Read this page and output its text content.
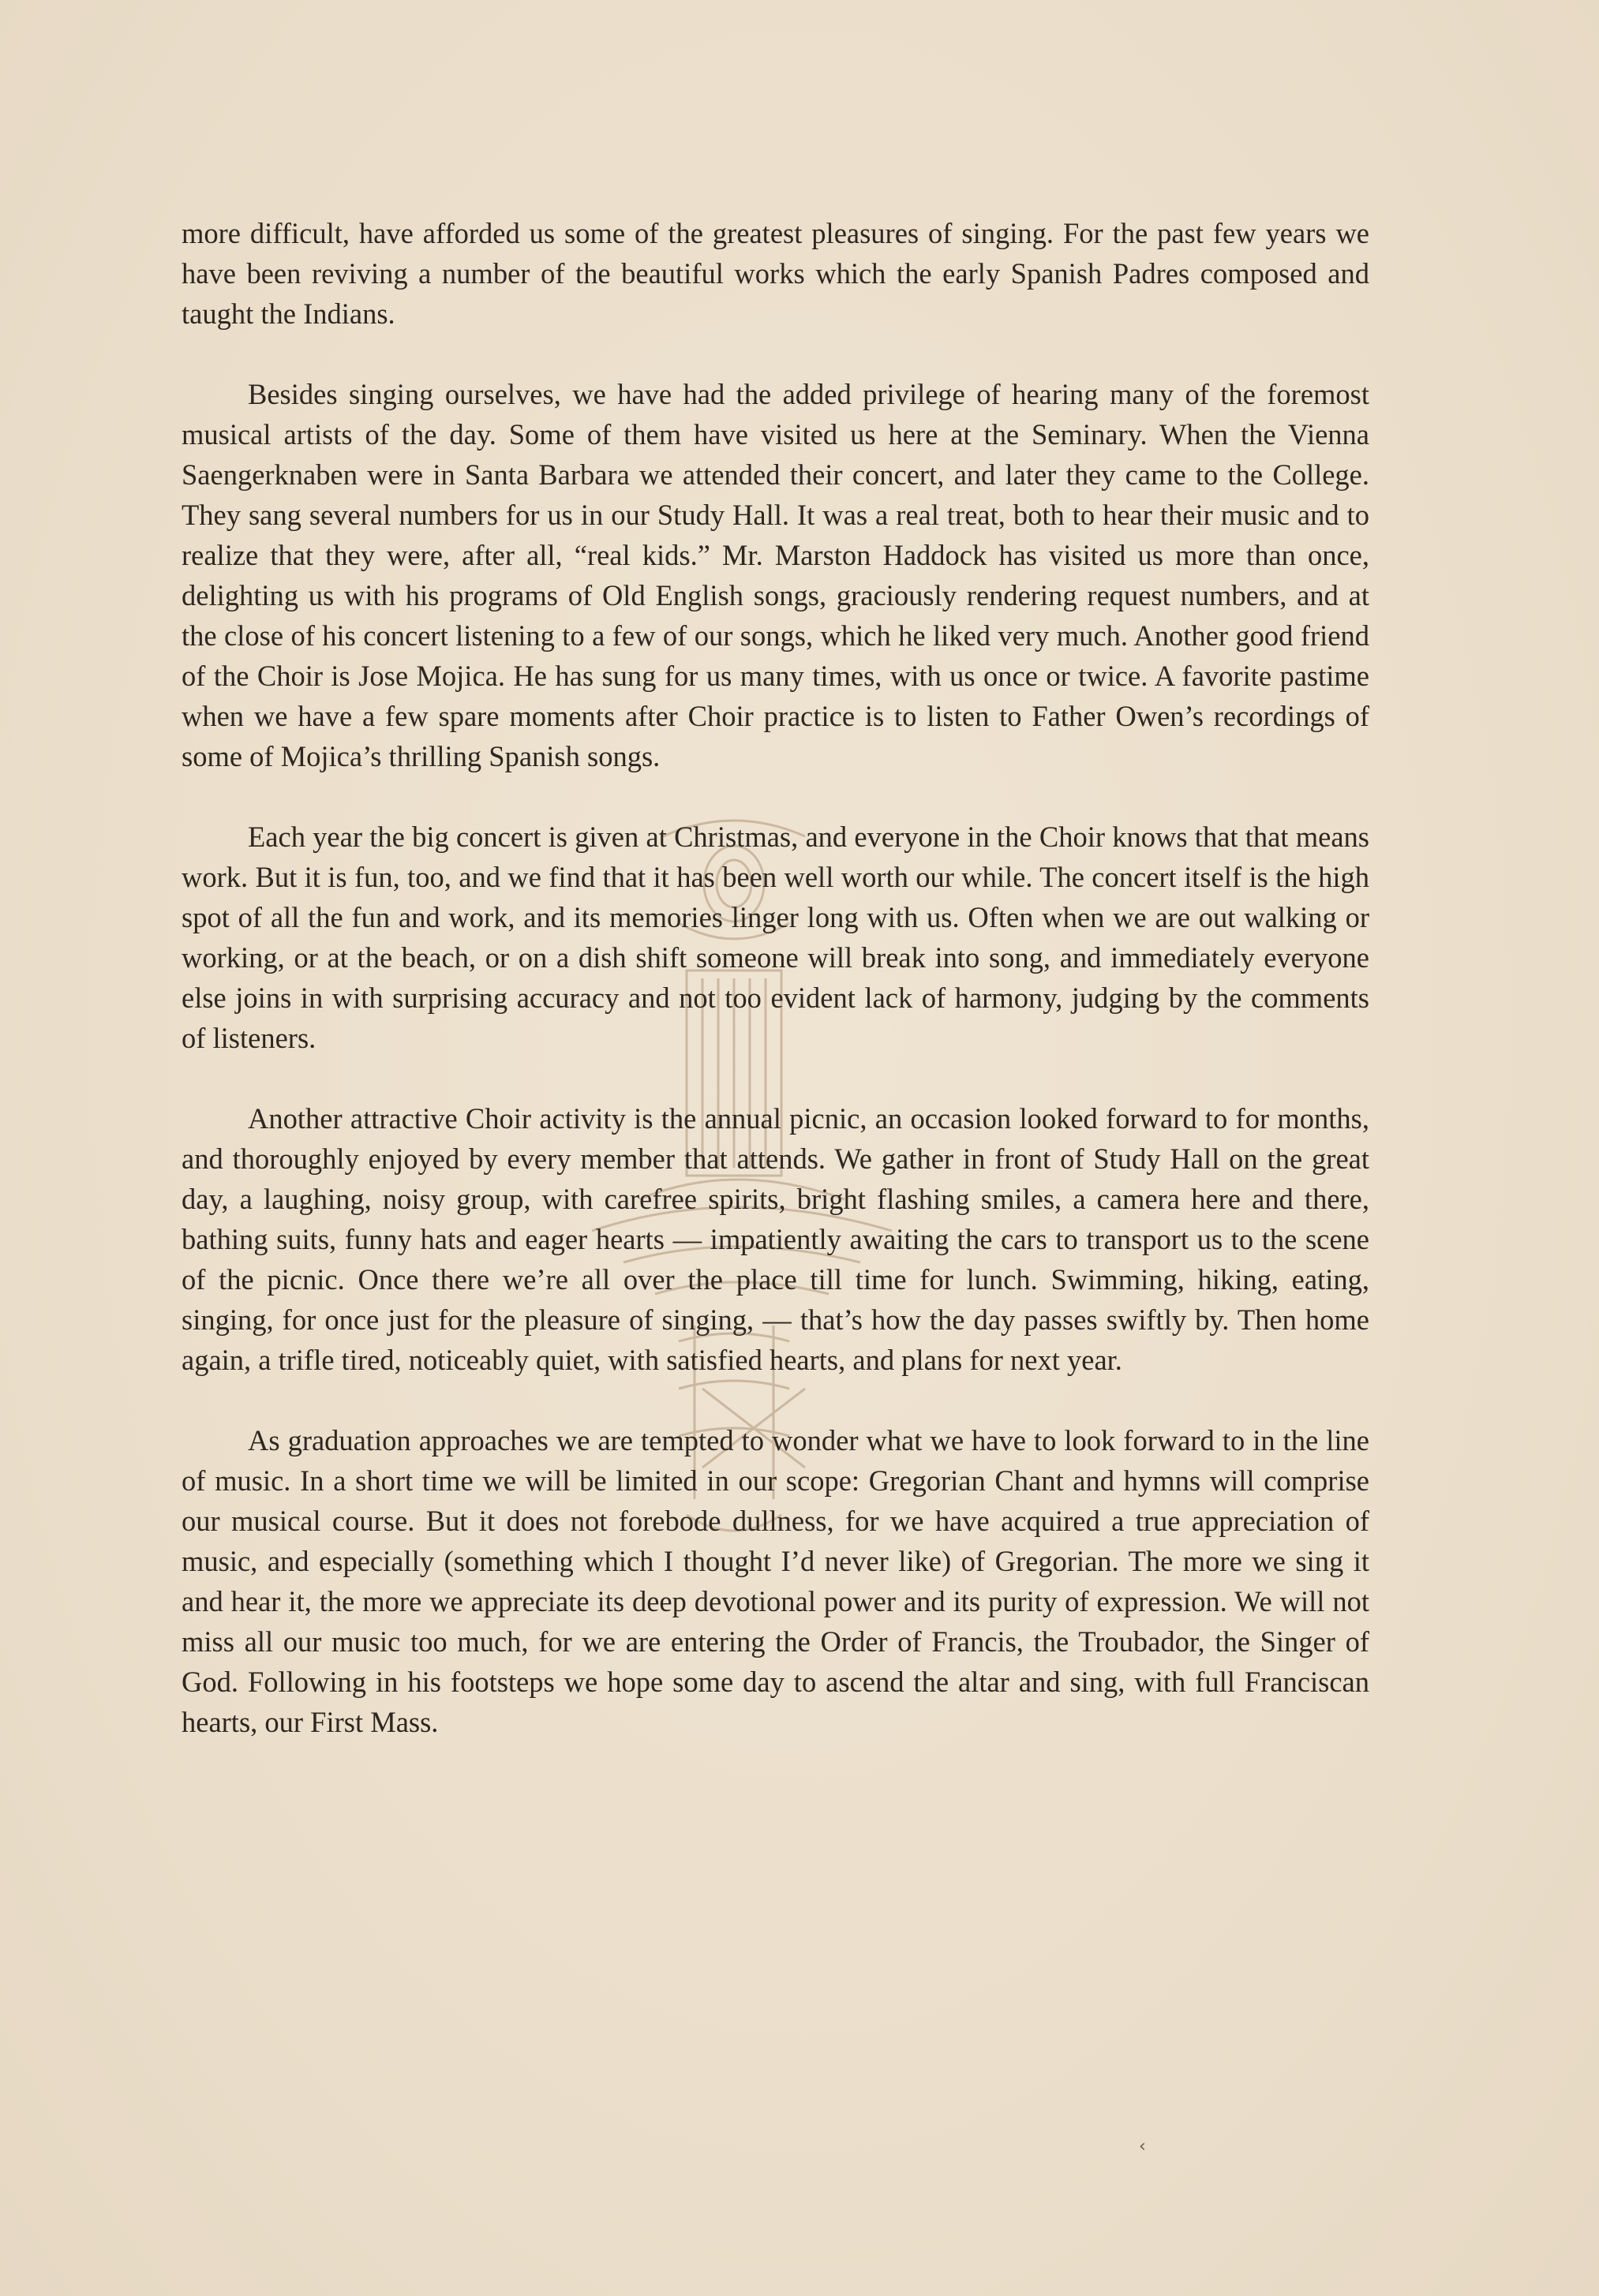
more difficult, have afforded us some of the greatest pleasures of singing. For the past few years we have been reviving a number of the beautiful works which the early Spanish Padres composed and taught the Indians.

Besides singing ourselves, we have had the added privilege of hearing many of the foremost musical artists of the day. Some of them have visited us here at the Seminary. When the Vienna Saengerknaben were in Santa Barbara we attended their concert, and later they came to the College. They sang several numbers for us in our Study Hall. It was a real treat, both to hear their music and to realize that they were, after all, “real kids.” Mr. Marston Haddock has visited us more than once, delighting us with his programs of Old English songs, graciously rendering request numbers, and at the close of his concert listening to a few of our songs, which he liked very much. Another good friend of the Choir is Jose Mojica. He has sung for us many times, with us once or twice. A favorite pastime when we have a few spare moments after Choir practice is to listen to Father Owen’s recordings of some of Mojica’s thrilling Spanish songs.

Each year the big concert is given at Christmas, and everyone in the Choir knows that that means work. But it is fun, too, and we find that it has been well worth our while. The concert itself is the high spot of all the fun and work, and its memories linger long with us. Often when we are out walking or working, or at the beach, or on a dish shift someone will break into song, and immediately everyone else joins in with surprising accuracy and not too evident lack of harmony, judging by the comments of listeners.

Another attractive Choir activity is the annual picnic, an occasion looked forward to for months, and thoroughly enjoyed by every member that attends. We gather in front of Study Hall on the great day, a laughing, noisy group, with carefree spirits, bright flashing smiles, a camera here and there, bathing suits, funny hats and eager hearts — impatiently awaiting the cars to transport us to the scene of the picnic. Once there we’re all over the place till time for lunch. Swimming, hiking, eating, singing, for once just for the pleasure of singing, — that’s how the day passes swiftly by. Then home again, a trifle tired, noticeably quiet, with satisfied hearts, and plans for next year.

As graduation approaches we are tempted to wonder what we have to look forward to in the line of music. In a short time we will be limited in our scope: Gregorian Chant and hymns will comprise our musical course. But it does not forebode dullness, for we have acquired a true appreciation of music, and especially (something which I thought I’d never like) of Gregorian. The more we sing it and hear it, the more we appreciate its deep devotional power and its purity of expression. We will not miss all our music too much, for we are entering the Order of Francis, the Troubador, the Singer of God. Following in his footsteps we hope some day to ascend the altar and sing, with full Franciscan hearts, our First Mass.

‹
